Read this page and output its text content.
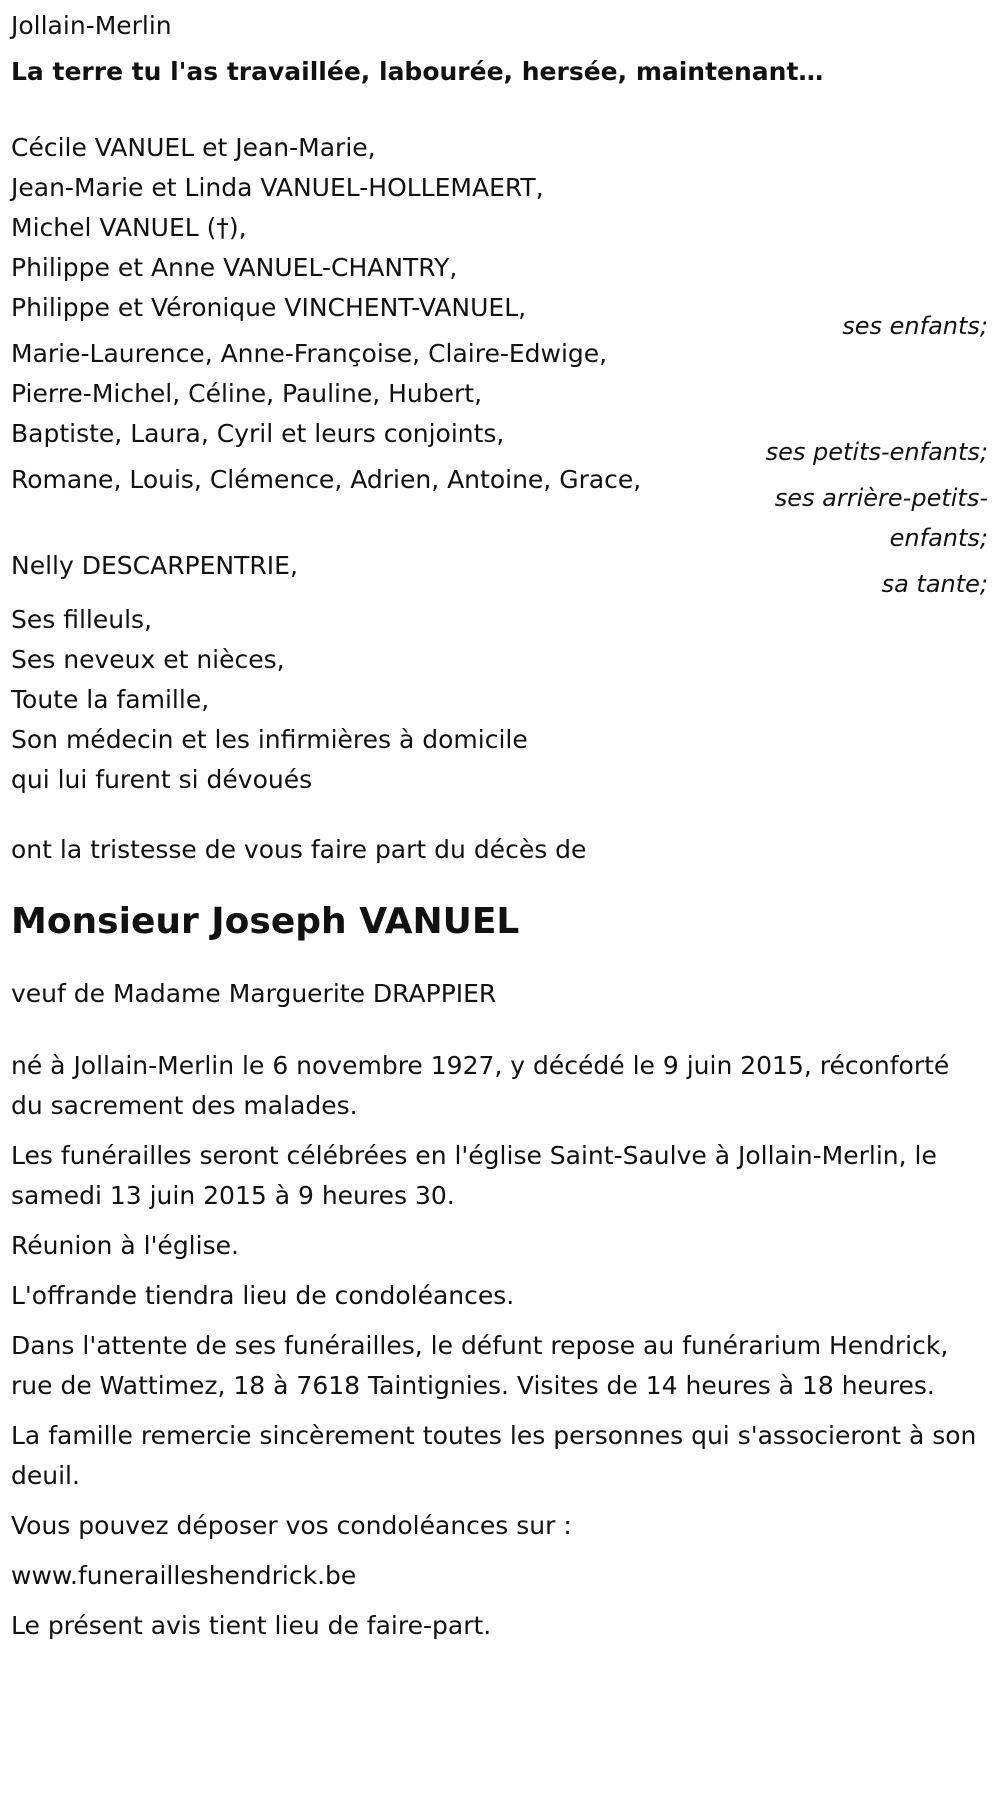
Jollain-Merlin

La terre tu l'as travaillée, labourée, hersée, maintenant…

Cécile VANUEL et Jean-Marie,
Jean-Marie et Linda VANUEL-HOLLEMAERT,
Michel VANUEL (†),
Philippe et Anne VANUEL-CHANTRY,
Philippe et Véronique VINCHENT-VANUEL,
ses enfants;
Marie-Laurence, Anne-Françoise, Claire-Edwige,
Pierre-Michel, Céline, Pauline, Hubert,
Baptiste, Laura, Cyril et leurs conjoints,
ses petits-enfants;
Romane, Louis, Clémence, Adrien, Antoine, Grace,
ses arrière-petits-enfants;
Nelly DESCARPENTRIE,
sa tante;
Ses filleuls,
Ses neveux et nièces,
Toute la famille,
Son médecin et les infirmières à domicile
qui lui furent si dévoués

ont la tristesse de vous faire part du décès de

Monsieur Joseph VANUEL

veuf de Madame Marguerite DRAPPIER

né à Jollain-Merlin le 6 novembre 1927, y décédé le 9 juin 2015, réconforté du sacrement des malades.

Les funérailles seront célébrées en l'église Saint-Saulve à Jollain-Merlin, le samedi 13 juin 2015 à 9 heures 30.

Réunion à l'église.

L'offrande tiendra lieu de condoléances.

Dans l'attente de ses funérailles, le défunt repose au funérarium Hendrick, rue de Wattimez, 18 à 7618 Taintignies. Visites de 14 heures à 18 heures.

La famille remercie sincèrement toutes les personnes qui s'associeront à son deuil.

Vous pouvez déposer vos condoléances sur :

www.funerailleshendrick.be

Le présent avis tient lieu de faire-part.
